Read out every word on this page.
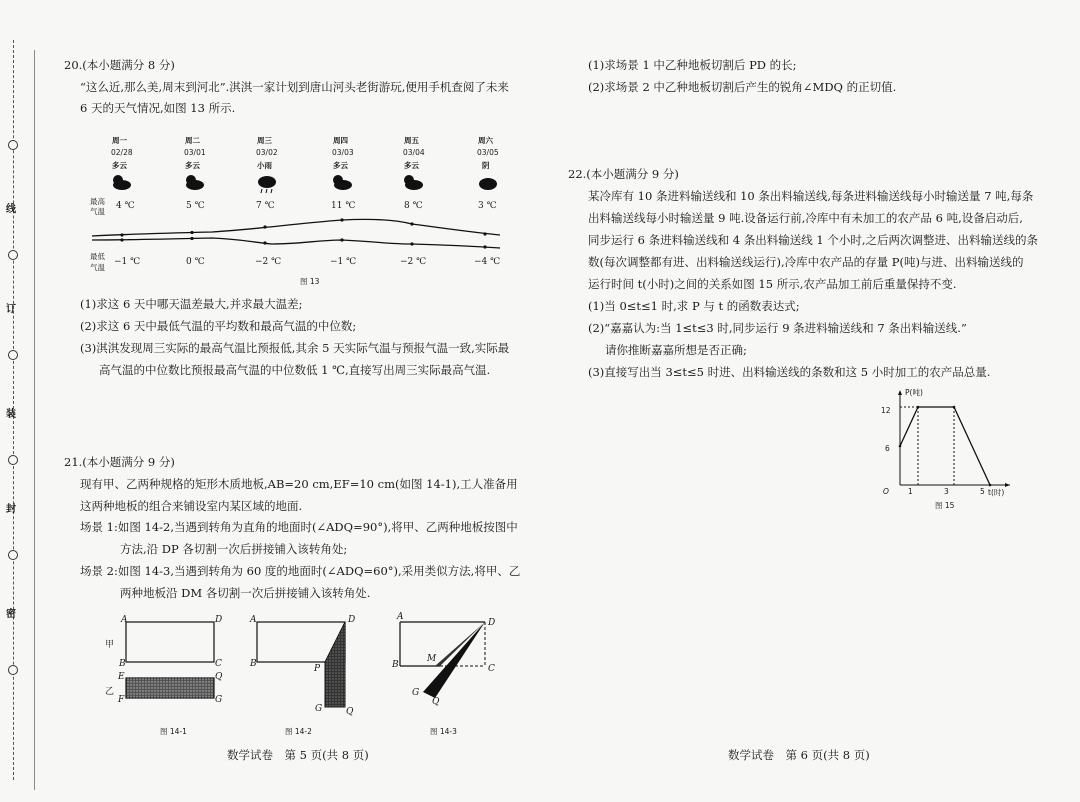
线
订
装
封
密
20.(本小题满分 8 分)
“这么近,那么美,周末到河北”.淇淇一家计划到唐山河头老街游玩,便用手机查阅了未来
6 天的天气情况,如图 13 所示.
周一	周二	周三	周四	周五	周六
02/28	03/01	03/02	03/03	03/04	03/05
多云	多云	小雨	多云	多云	阴
最高
气温
4 ℃	5 ℃	7 ℃	11 ℃	8 ℃	3 ℃
最低
气温
−1 ℃	0 ℃	−2 ℃	−1 ℃	−2 ℃	−4 ℃
图 13
(1)求这 6 天中哪天温差最大,并求最大温差;
(2)求这 6 天中最低气温的平均数和最高气温的中位数;
(3)淇淇发现周三实际的最高气温比预报低,其余 5 天实际气温与预报气温一致,实际最
高气温的中位数比预报最高气温的中位数低 1 ℃,直接写出周三实际最高气温.
21.(本小题满分 9 分)
现有甲、乙两种规格的矩形木质地板,AB=20 cm,EF=10 cm(如图 14-1),工人准备用
这两种地板的组合来铺设室内某区域的地面.
场景 1:如图 14-2,当遇到转角为直角的地面时(∠ADQ=90°),将甲、乙两种地板按图中
方法,沿 DP 各切割一次后拼接铺入该转角处;
场景 2:如图 14-3,当遇到转角为 60 度的地面时(∠ADQ=60°),采用类似方法,将甲、乙
两种地板沿 DM 各切割一次后拼接铺入该转角处.
A	D
甲
B	C
E	Q
乙
F	G
图 14-1
A	D
B	P
G	Q
图 14-2
A
D
M
B	C
G
Q
图 14-3
(1)求场景 1 中乙种地板切割后 PD 的长;
(2)求场景 2 中乙种地板切割后产生的锐角∠MDQ 的正切值.
22.(本小题满分 9 分)
某冷库有 10 条进料输送线和 10 条出料输送线,每条进料输送线每小时输送量 7 吨,每条
出料输送线每小时输送量 9 吨.设备运行前,冷库中有未加工的农产品 6 吨,设备启动后,
同步运行 6 条进料输送线和 4 条出料输送线 1 个小时,之后两次调整进、出料输送线的条
数(每次调整都有进、出料输送线运行),冷库中农产品的存量 P(吨)与进、出料输送线的
运行时间 t(小时)之间的关系如图 15 所示,农产品加工前后重量保持不变.
(1)当 0≤t≤1 时,求 P 与 t 的函数表达式;
(2)“嘉嘉认为:当 1≤t≤3 时,同步运行 9 条进料输送线和 7 条出料输送线.”
请你推断嘉嘉所想是否正确;
(3)直接写出当 3≤t≤5 时进、出料输送线的条数和这 5 小时加工的农产品总量.
P(吨)
12
6
O	1	3	5 t(时)
图 15
数学试卷　第 5 页(共 8 页)	数学试卷　第 6 页(共 8 页)
